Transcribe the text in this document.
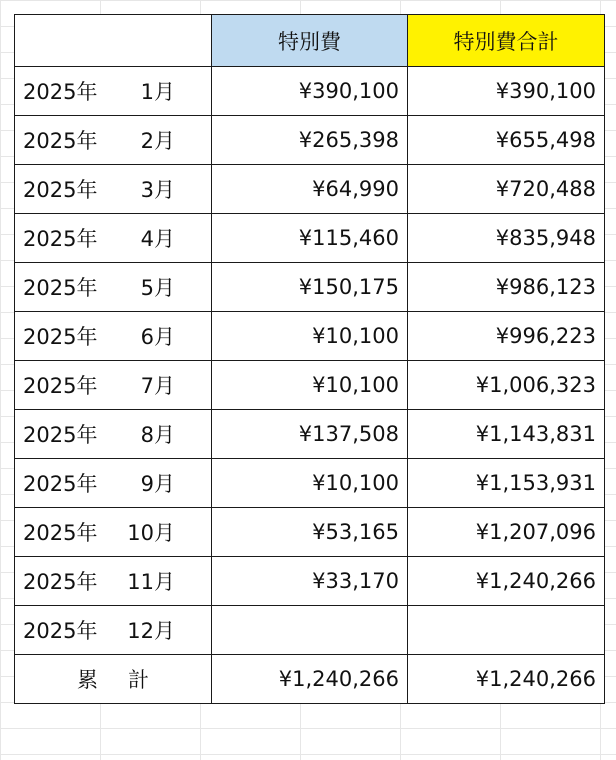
	特別費	特別費合計
2025年 1月	¥390,100	¥390,100
2025年 2月	¥265,398	¥655,498
2025年 3月	¥64,990	¥720,488
2025年 4月	¥115,460	¥835,948
2025年 5月	¥150,175	¥986,123
2025年 6月	¥10,100	¥996,223
2025年 7月	¥10,100	¥1,006,323
2025年 8月	¥137,508	¥1,143,831
2025年 9月	¥10,100	¥1,153,931
2025年 10月	¥53,165	¥1,207,096
2025年 11月	¥33,170	¥1,240,266
2025年 12月		
累 計	¥1,240,266	¥1,240,266
